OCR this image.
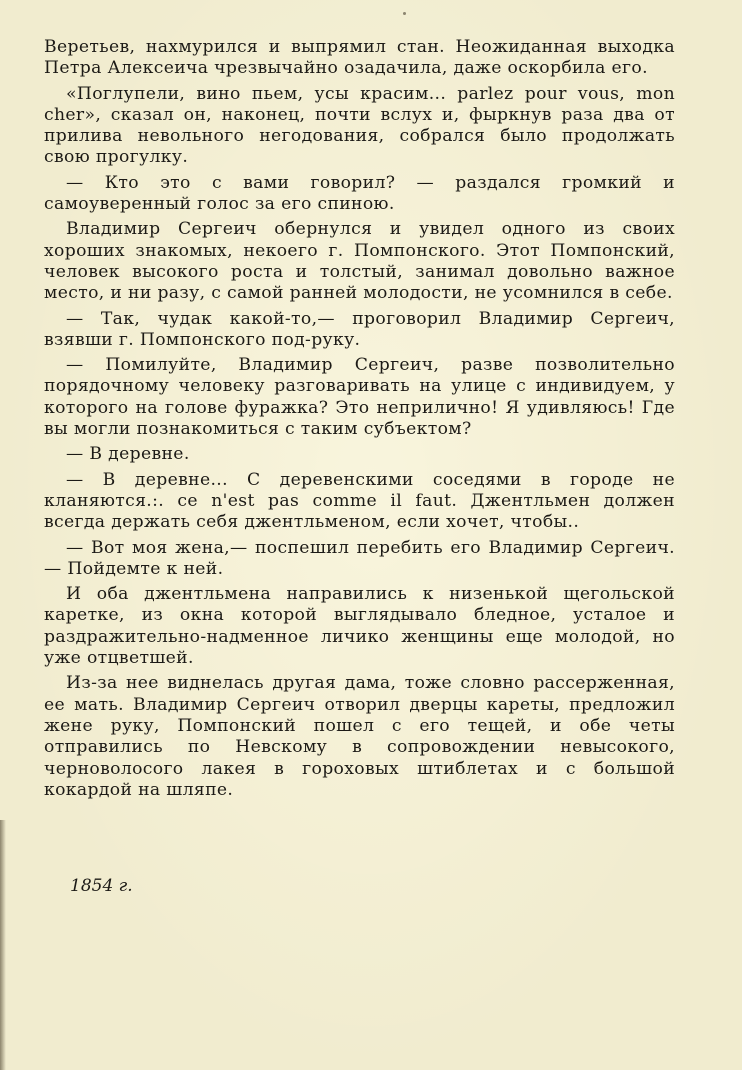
Веретьев, нахмурился и выпрямил стан. Неожиданная выходка Петра Алексеича чрезвычайно озадачила, даже оскорбила его.

«Поглупели, вино пьем, усы красим... parlez pour vous, mon cher», сказал он, наконец, почти вслух и, фыркнув раза два от прилива невольного негодования, собрался было продолжать свою прогулку.

— Кто это с вами говорил? — раздался громкий и самоуверенный голос за его спиною.

Владимир Сергеич обернулся и увидел одного из своих хороших знакомых, некоего г. Помпонского. Этот Помпонский, человек высокого роста и толстый, занимал довольно важное место, и ни разу, с самой ранней молодости, не усомнился в себе.

— Так, чудак какой-то,— проговорил Владимир Сергеич, взявши г. Помпонского под-руку.

— Помилуйте, Владимир Сергеич, разве позволительно порядочному человеку разговаривать на улице с индивидуем, у которого на голове фуражка? Это неприлично! Я удивляюсь! Где вы могли познакомиться с таким субъектом?

— В деревне.

— В деревне... С деревенскими соседями в городе не кланяются.:. ce n'est pas comme il faut. Джентльмен должен всегда держать себя джентльменом, если хочет, чтобы..

— Вот моя жена,— поспешил перебить его Владимир Сергеич.— Пойдемте к ней.

И оба джентльмена направились к низенькой щегольской каретке, из окна которой выглядывало бледное, усталое и раздражительно-надменное личико женщины еще молодой, но уже отцветшей.

Из-за нее виднелась другая дама, тоже словно рассерженная, ее мать. Владимир Сергеич отворил дверцы кареты, предложил жене руку, Помпонский пошел с его тещей, и обе четы отправились по Невскому в сопровождении невысокого, черноволосого лакея в гороховых штиблетах и с большой кокардой на шляпе.

1854 г.
